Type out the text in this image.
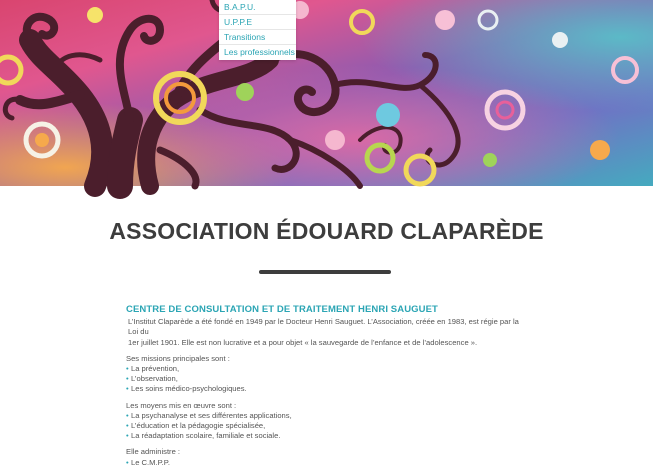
B.A.P.U.
U.P.P.E
Transitions
Les professionnels
ASSOCIATION ÉDOUARD CLAPARÈDE
CENTRE DE CONSULTATION ET DE TRAITEMENT HENRI SAUGUET

L’Institut Claparède a été fondé en 1949 par le Docteur Henri Sauguet. L’Association, créée en 1983, est régie par la Loi du
1er juillet 1901. Elle est non lucrative et a pour objet « la sauvegarde de l’enfance et de l’adolescence ».

Ses missions principales sont :

• La prévention,
• L’observation,
• Les soins médico-psychologiques.

Les moyens mis en œuvre sont :

• La psychanalyse et ses différentes applications,
• L’éducation et la pédagogie spécialisée,
• La réadaptation scolaire, familiale et sociale.

Elle administre :

• Le C.M.P.P.
